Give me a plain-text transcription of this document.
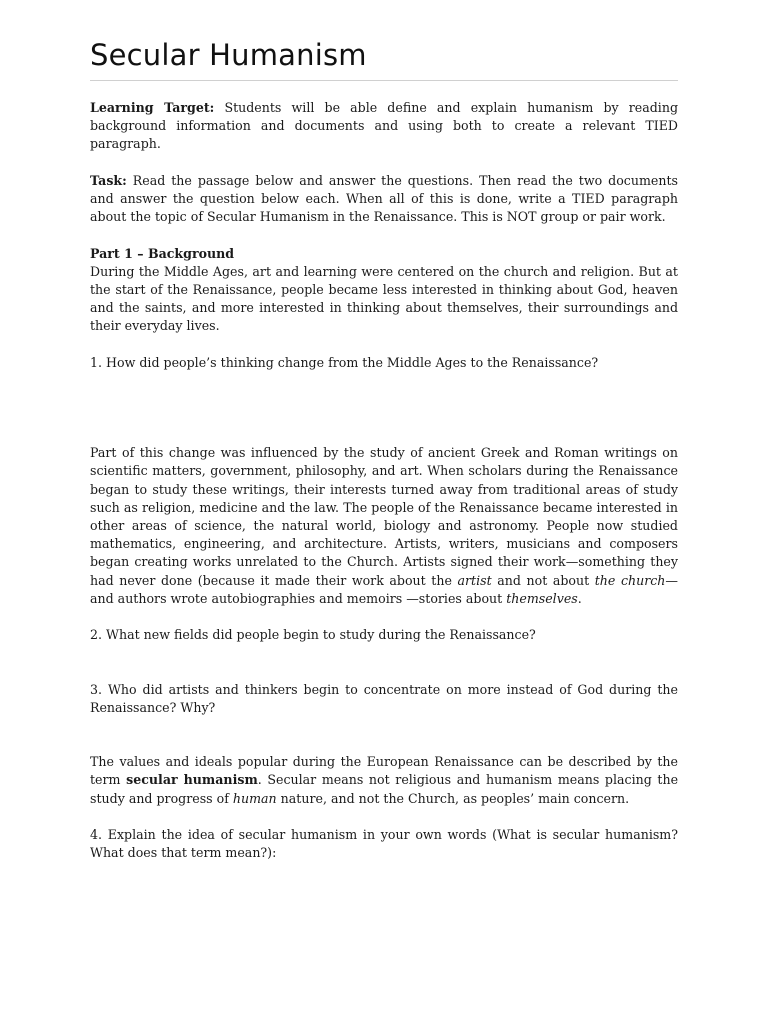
Secular Humanism

Learning Target: Students will be able define and explain humanism by reading background information and documents and using both to create a relevant TIED paragraph.

Task: Read the passage below and answer the questions. Then read the two documents and answer the question below each. When all of this is done, write a TIED paragraph about the topic of Secular Humanism in the Renaissance. This is NOT group or pair work.

Part 1 – Background
During the Middle Ages, art and learning were centered on the church and religion. But at the start of the Renaissance, people became less interested in thinking about God, heaven and the saints, and more interested in thinking about themselves, their surroundings and their everyday lives.

1. How did people’s thinking change from the Middle Ages to the Renaissance?

Part of this change was influenced by the study of ancient Greek and Roman writings on scientific matters, government, philosophy, and art. When scholars during the Renaissance began to study these writings, their interests turned away from traditional areas of study such as religion, medicine and the law. The people of the Renaissance became interested in other areas of science, the natural world, biology and astronomy. People now studied mathematics, engineering, and architecture. Artists, writers, musicians and composers began creating works unrelated to the Church. Artists signed their work—something they had never done (because it made their work about the artist and not about the church—and authors wrote autobiographies and memoirs —stories about themselves.

2. What new fields did people begin to study during the Renaissance?

3. Who did artists and thinkers begin to concentrate on more instead of God during the Renaissance? Why?

The values and ideals popular during the European Renaissance can be described by the term secular humanism. Secular means not religious and humanism means placing the study and progress of human nature, and not the Church, as peoples’ main concern.

4. Explain the idea of secular humanism in your own words (What is secular humanism? What does that term mean?):
